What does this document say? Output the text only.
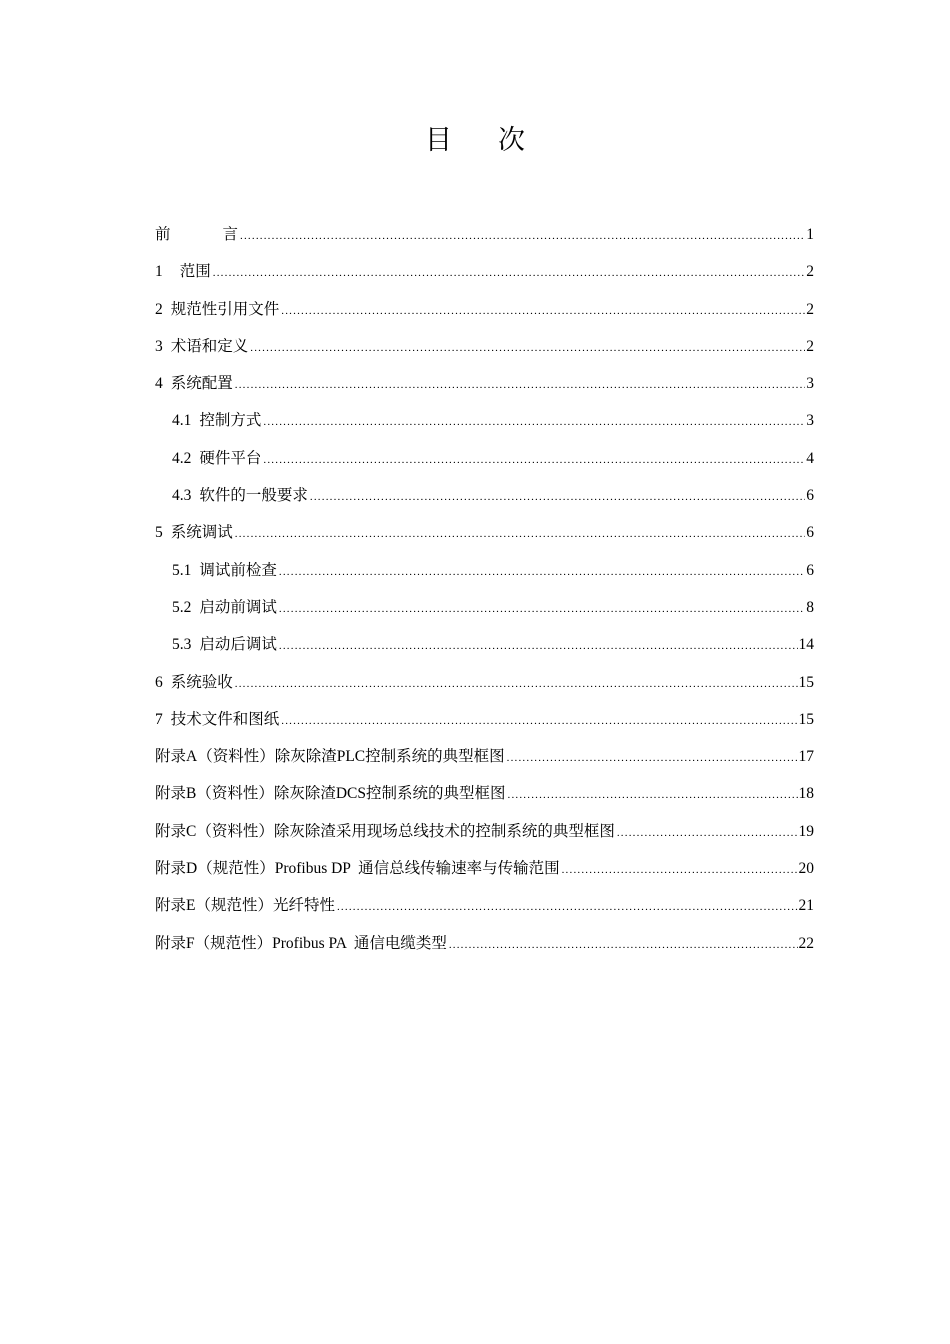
目 次
前	言 .....	1
1 范围 .....	2
2 规范性引用文件 .....	2
3 术语和定义 .....	2
4 系统配置 .....	3
4.1 控制方式 .....	3
4.2 硬件平台 .....	4
4.3 软件的一般要求 .....	6
5 系统调试 .....	6
5.1 调试前检查 .....	6
5.2 启动前调试 .....	8
5.3 启动后调试 .....	14
6 系统验收 .....	15
7 技术文件和图纸 .....	15
附录A（资料性）除灰除渣PLC控制系统的典型框图 .....	17
附录B（资料性）除灰除渣DCS控制系统的典型框图 .....	18
附录C（资料性）除灰除渣采用现场总线技术的控制系统的典型框图 .....	19
附录D（规范性）Profibus DP  通信总线传输速率与传输范围 .....	20
附录E（规范性）光纤特性 .....	21
附录F（规范性）Profibus PA  通信电缆类型 .....	22
